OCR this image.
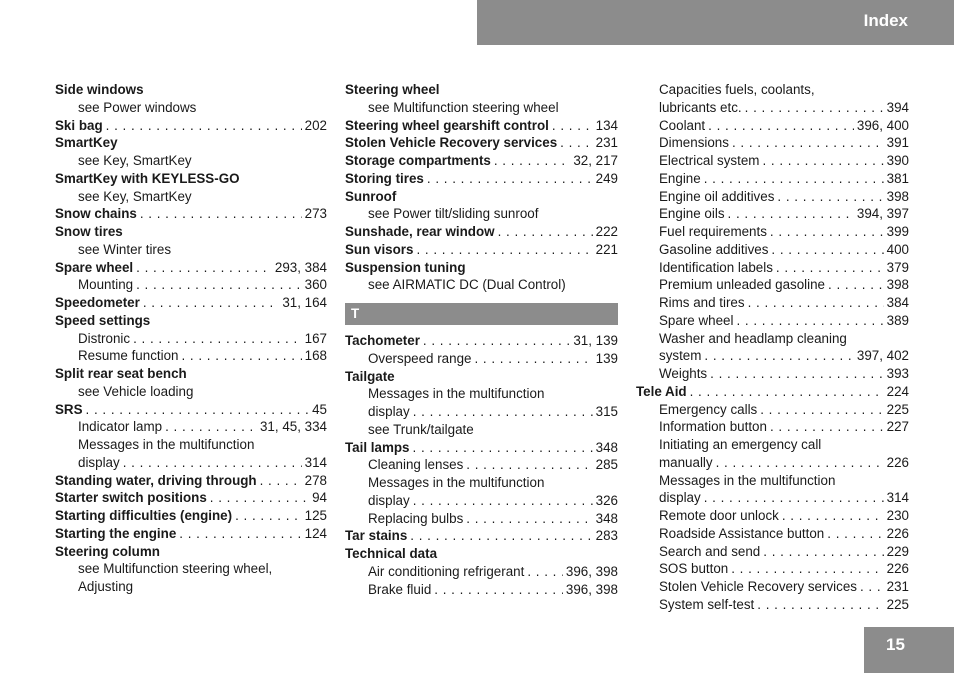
Index
Side windows
see Power windows
Ski bag . . .	202
SmartKey
see Key, SmartKey
SmartKey with KEYLESS-GO
see Key, SmartKey
Snow chains . . .	273
Snow tires
see Winter tires
Spare wheel . . .	293, 384
Mounting . . .	360
Speedometer . . .	31, 164
Speed settings
Distronic . . .	167
Resume function . . .	168
Split rear seat bench
see Vehicle loading
SRS . . .	45
Indicator lamp . . .	31, 45, 334
Messages in the multifunction
display . . .	314
Standing water, driving through . . .	278
Starter switch positions . . .	94
Starting difficulties (engine) . . .	125
Starting the engine . . .	124
Steering column
see Multifunction steering wheel,
Adjusting
Steering wheel
see Multifunction steering wheel
Steering wheel gearshift control . . .	134
Stolen Vehicle Recovery services . . .	231
Storage compartments . . .	32, 217
Storing tires . . .	249
Sunroof
see Power tilt/sliding sunroof
Sunshade, rear window . . .	222
Sun visors . . .	221
Suspension tuning
see AIRMATIC DC (Dual Control)
T
Tachometer . . .	31, 139
Overspeed range . . .	139
Tailgate
Messages in the multifunction
display . . .	315
see Trunk/tailgate
Tail lamps . . .	348
Cleaning lenses . . .	285
Messages in the multifunction
display . . .	326
Replacing bulbs . . .	348
Tar stains . . .	283
Technical data
Air conditioning refrigerant . . .	396, 398
Brake fluid . . .	396, 398
Capacities fuels, coolants,
lubricants etc. . . .	394
Coolant . . .	396, 400
Dimensions . . .	391
Electrical system . . .	390
Engine . . .	381
Engine oil additives . . .	398
Engine oils . . .	394, 397
Fuel requirements . . .	399
Gasoline additives . . .	400
Identification labels . . .	379
Premium unleaded gasoline . . .	398
Rims and tires . . .	384
Spare wheel . . .	389
Washer and headlamp cleaning
system . . .	397, 402
Weights . . .	393
Tele Aid . . .	224
Emergency calls . . .	225
Information button . . .	227
Initiating an emergency call
manually . . .	226
Messages in the multifunction
display . . .	314
Remote door unlock . . .	230
Roadside Assistance button . . .	226
Search and send . . .	229
SOS button . . .	226
Stolen Vehicle Recovery services . . . 231
System self-test . . .	225
15
